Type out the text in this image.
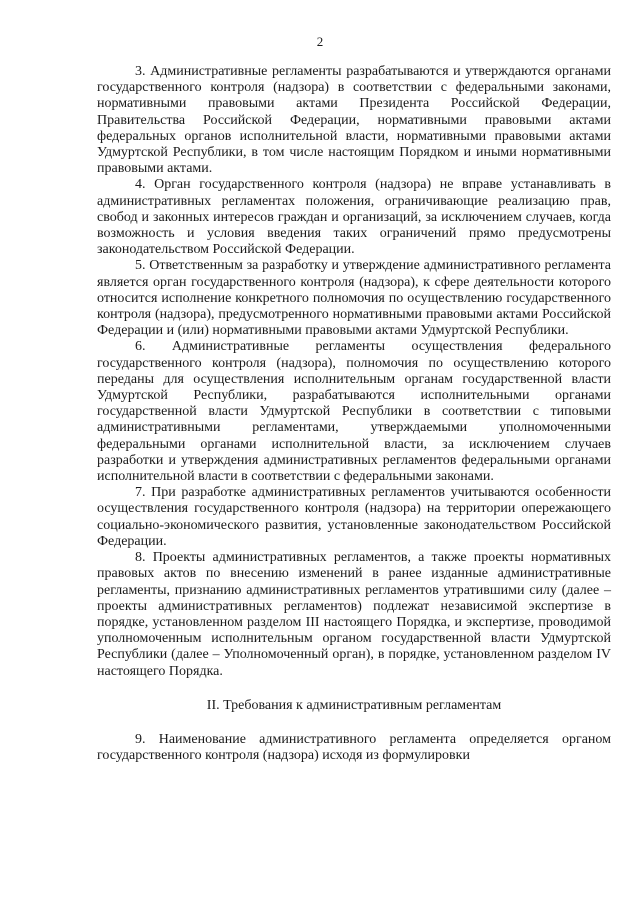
2

3. Административные регламенты разрабатываются и утверждаются органами государственного контроля (надзора) в соответствии с федеральными законами, нормативными правовыми актами Президента Российской Федерации, Правительства Российской Федерации, нормативными правовыми актами федеральных органов исполнительной власти, нормативными правовыми актами Удмуртской Республики, в том числе настоящим Порядком и иными нормативными правовыми актами.

4. Орган государственного контроля (надзора) не вправе устанавливать в административных регламентах положения, ограничивающие реализацию прав, свобод и законных интересов граждан и организаций, за исключением случаев, когда возможность и условия введения таких ограничений прямо предусмотрены законодательством Российской Федерации.

5. Ответственным за разработку и утверждение административного регламента является орган государственного контроля (надзора), к сфере деятельности которого относится исполнение конкретного полномочия по осуществлению государственного контроля (надзора), предусмотренного нормативными правовыми актами Российской Федерации и (или) нормативными правовыми актами Удмуртской Республики.

6. Административные регламенты осуществления федерального государственного контроля (надзора), полномочия по осуществлению которого переданы для осуществления исполнительным органам государственной власти Удмуртской Республики, разрабатываются исполнительными органами государственной власти Удмуртской Республики в соответствии с типовыми административными регламентами, утверждаемыми уполномоченными федеральными органами исполнительной власти, за исключением случаев разработки и утверждения административных регламентов федеральными органами исполнительной власти в соответствии с федеральными законами.

7. При разработке административных регламентов учитываются особенности осуществления государственного контроля (надзора) на территории опережающего социально-экономического развития, установленные законодательством Российской Федерации.

8. Проекты административных регламентов, а также проекты нормативных правовых актов по внесению изменений в ранее изданные административные регламенты, признанию административных регламентов утратившими силу (далее – проекты административных регламентов) подлежат независимой экспертизе в порядке, установленном разделом III настоящего Порядка, и экспертизе, проводимой уполномоченным исполнительным органом государственной власти Удмуртской Республики (далее – Уполномоченный орган), в порядке, установленном разделом IV настоящего Порядка.

II. Требования к административным регламентам

9. Наименование административного регламента определяется органом государственного контроля (надзора) исходя из формулировки
